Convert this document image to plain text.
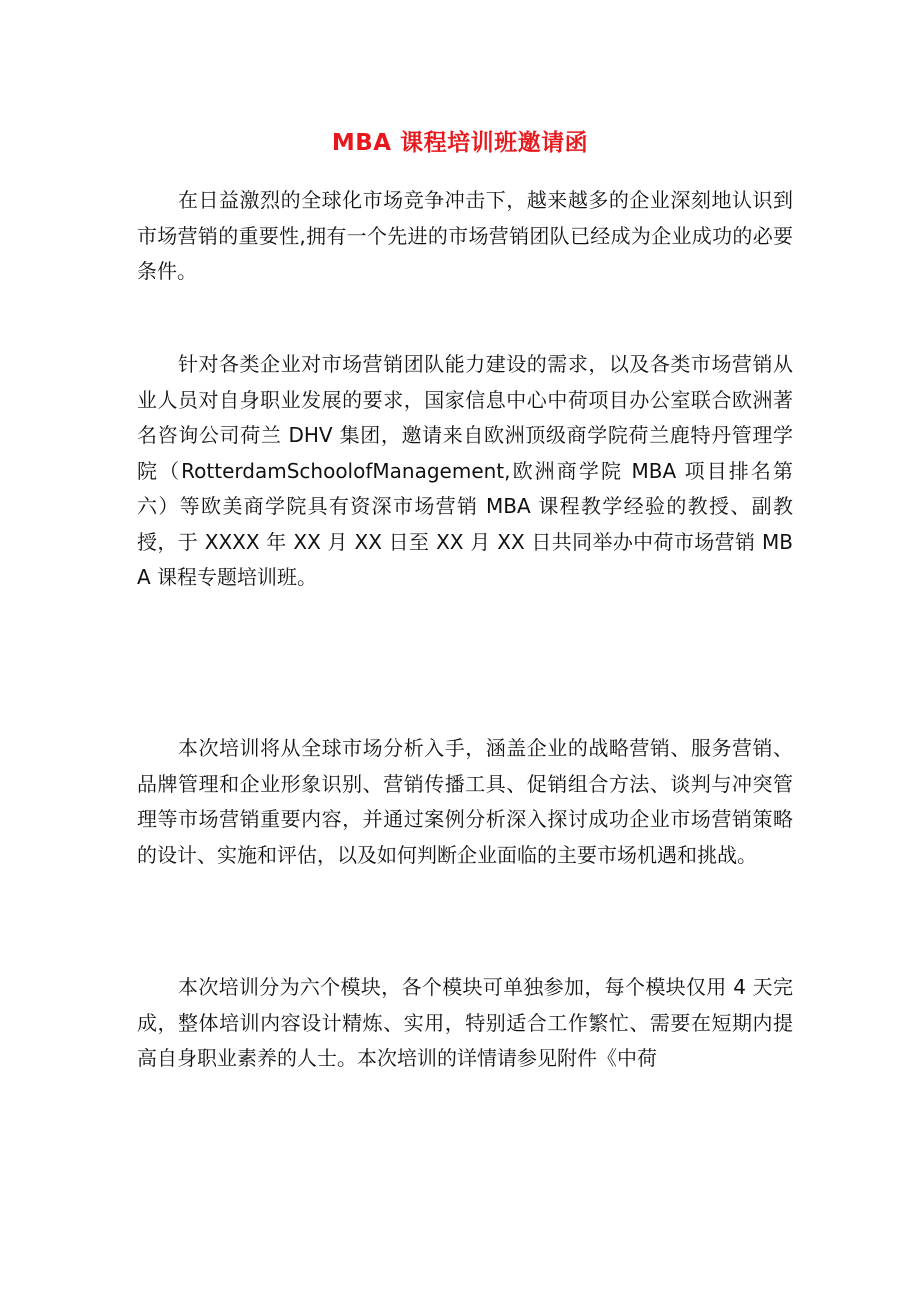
MBA 课程培训班邀请函

在日益激烈的全球化市场竞争冲击下，越来越多的企业深刻地认识到市场营销的重要性,拥有一个先进的市场营销团队已经成为企业成功的必要条件。

针对各类企业对市场营销团队能力建设的需求，以及各类市场营销从业人员对自身职业发展的要求，国家信息中心中荷项目办公室联合欧洲著名咨询公司荷兰 DHV 集团，邀请来自欧洲顶级商学院荷兰鹿特丹管理学院（RotterdamSchoolofManagement,欧洲商学院 MBA 项目排名第六）等欧美商学院具有资深市场营销 MBA 课程教学经验的教授、副教授，于 XXXX 年 XX 月 XX 日至 XX 月 XX 日共同举办中荷市场营销 MBA 课程专题培训班。

本次培训将从全球市场分析入手，涵盖企业的战略营销、服务营销、品牌管理和企业形象识别、营销传播工具、促销组合方法、谈判与冲突管理等市场营销重要内容，并通过案例分析深入探讨成功企业市场营销策略的设计、实施和评估，以及如何判断企业面临的主要市场机遇和挑战。

本次培训分为六个模块，各个模块可单独参加，每个模块仅用 4 天完成，整体培训内容设计精炼、实用，特别适合工作繁忙、需要在短期内提高自身职业素养的人士。本次培训的详情请参见附件《中荷
